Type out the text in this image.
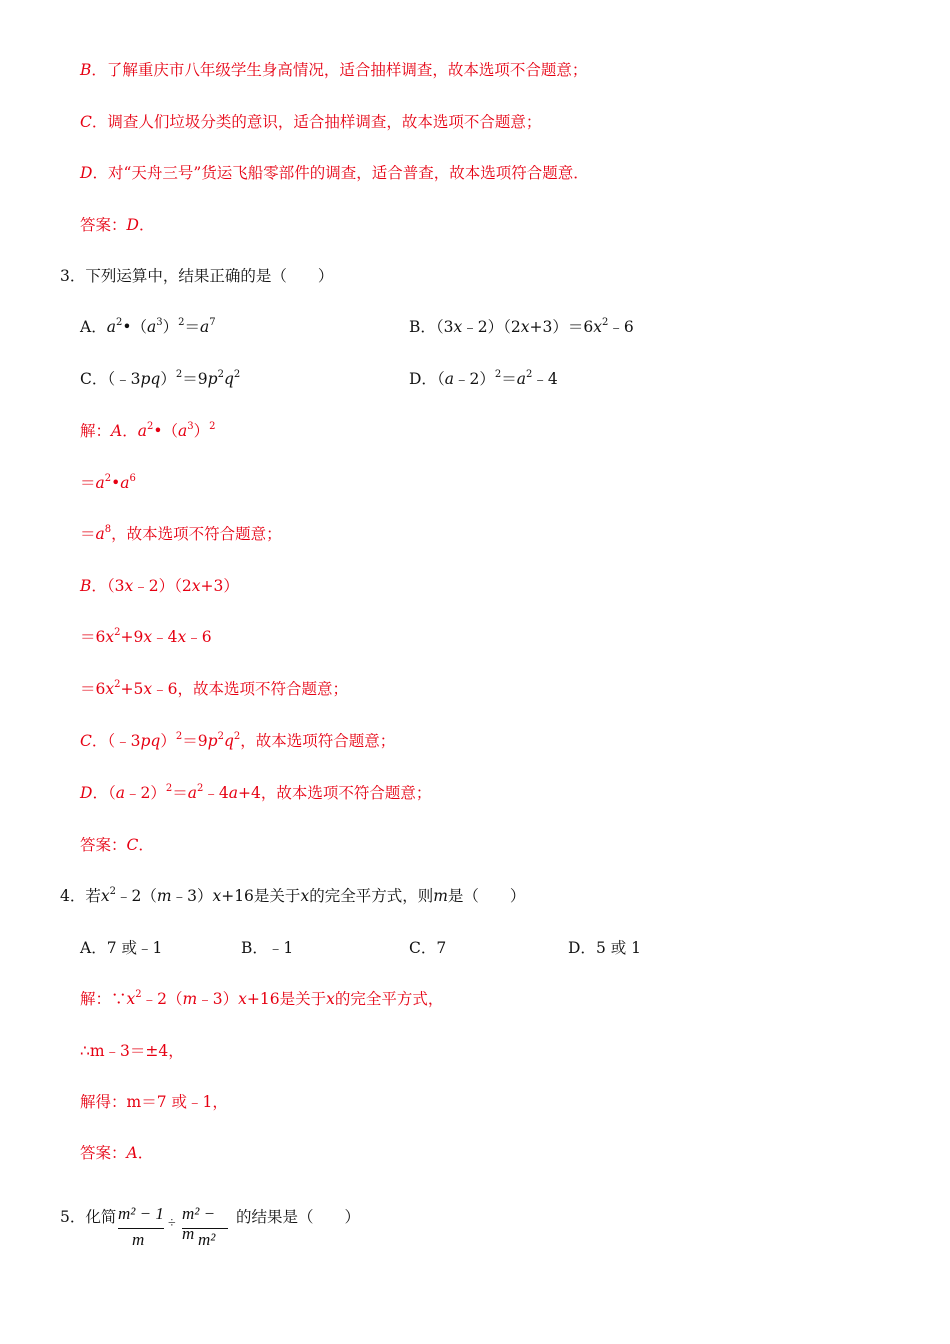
B．了解重庆市八年级学生身高情况，适合抽样调查，故本选项不合题意；
C．调查人们垃圾分类的意识，适合抽样调查，故本选项不合题意；
D．对“天舟三号”货运飞船零部件的调查，适合普查，故本选项符合题意．
答案：D．
3．下列运算中，结果正确的是（　　）
A．$a^2•(a^3)^2=a^7$	B．$(3x﹣2)(2x+3)=6x^2﹣6$
C．$(﹣3pq)^2=9p^2q^2$	D．$(a﹣2)^2=a^2﹣4$
解：A．$a^2•(a^3)^2$
$=a^2•a^6$
$=a^8$，故本选项不符合题意；
B．（3x﹣2）（2x+3）
$=6x^2+9x﹣4x﹣6$
$=6x^2+5x﹣6$，故本选项不符合题意；
C．$(﹣3pq)^2=9p^2q^2$，故本选项符合题意；
D．$(a﹣2)^2=a^2﹣4a+4$，故本选项不符合题意；
答案：C．
4．若$x^2﹣2(m﹣3)x+16$是关于x的完全平方式，则m是（　　）
A．7 或﹣1	B．﹣1	C．7	D．5 或 1
解：$\because x^2﹣2(m﹣3)x+16$是关于x的完全平方式，
∴m﹣3＝±4，
解得：m＝7 或﹣1，
答案：A．
5．化简 m² − 1
m
÷
m² − m m²
的结果是（　　）
